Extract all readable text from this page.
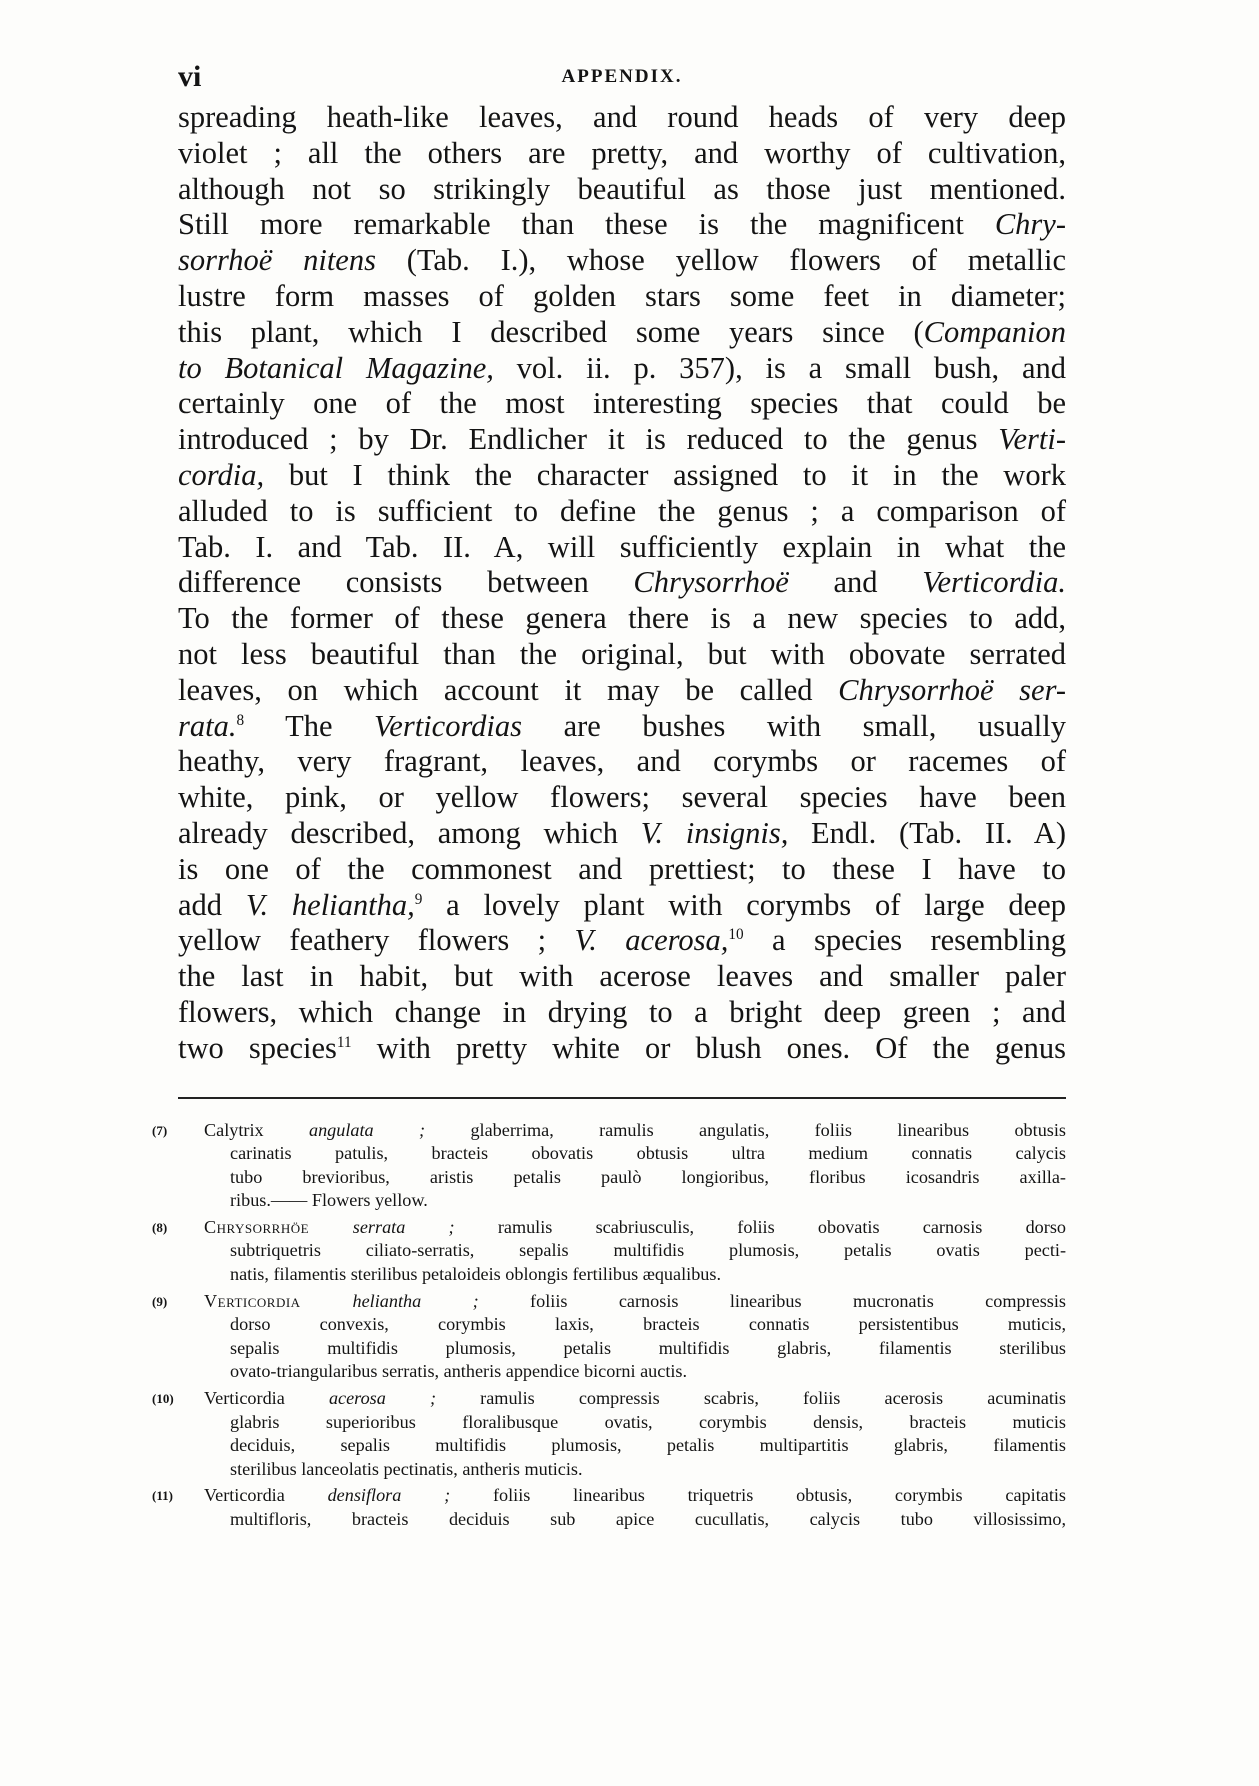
vi	APPENDIX.
spreading heath-like leaves, and round heads of very deep
violet ; all the others are pretty, and worthy of cultivation,
although not so strikingly beautiful as those just mentioned.
Still more remarkable than these is the magnificent Chry-
sorrhoë nitens (Tab. I.), whose yellow flowers of metallic
lustre form masses of golden stars some feet in diameter;
this plant, which I described some years since (Companion
to Botanical Magazine, vol. ii. p. 357), is a small bush, and
certainly one of the most interesting species that could be
introduced ; by Dr. Endlicher it is reduced to the genus Verti-
cordia, but I think the character assigned to it in the work
alluded to is sufficient to define the genus ; a comparison of
Tab. I. and Tab. II. A, will sufficiently explain in what the
difference consists between Chrysorrhoë and Verticordia.
To the former of these genera there is a new species to add,
not less beautiful than the original, but with obovate serrated
leaves, on which account it may be called Chrysorrhoë ser-
rata.$^8$ The Verticordias are bushes with small, usually
heathy, very fragrant, leaves, and corymbs or racemes of
white, pink, or yellow flowers; several species have been
already described, among which V. insignis, Endl. (Tab. II. A)
is one of the commonest and prettiest; to these I have to
add V. heliantha,$^9$ a lovely plant with corymbs of large deep
yellow feathery flowers ; V. acerosa,$^{10}$ a species resembling
the last in habit, but with acerose leaves and smaller paler
flowers, which change in drying to a bright deep green ; and
two species$^{11}$ with pretty white or blush ones. Of the genus
(7)	Calytrix angulata ; glaberrima, ramulis angulatis, foliis linearibus obtusis
carinatis patulis, bracteis obovatis obtusis ultra medium connatis calycis
tubo brevioribus, aristis petalis paulò longioribus, floribus icosandris axilla-
ribus.—— Flowers yellow.
(8)	Chrysorrhöe serrata ; ramulis scabriusculis, foliis obovatis carnosis dorso
subtriquetris ciliato-serratis, sepalis multifidis plumosis, petalis ovatis pecti-
natis, filamentis sterilibus petaloideis oblongis fertilibus æqualibus.
(9)	Verticordia heliantha ; foliis carnosis linearibus mucronatis compressis
dorso convexis, corymbis laxis, bracteis connatis persistentibus muticis,
sepalis multifidis plumosis, petalis multifidis glabris, filamentis sterilibus
ovato-triangularibus serratis, antheris appendice bicorni auctis.
(10)	Verticordia acerosa ; ramulis compressis scabris, foliis acerosis acuminatis
glabris superioribus floralibusque ovatis, corymbis densis, bracteis muticis
deciduis, sepalis multifidis plumosis, petalis multipartitis glabris, filamentis
sterilibus lanceolatis pectinatis, antheris muticis.
(11)	Verticordia densiflora ; foliis linearibus triquetris obtusis, corymbis capitatis
multifloris, bracteis deciduis sub apice cucullatis, calycis tubo villosissimo,
